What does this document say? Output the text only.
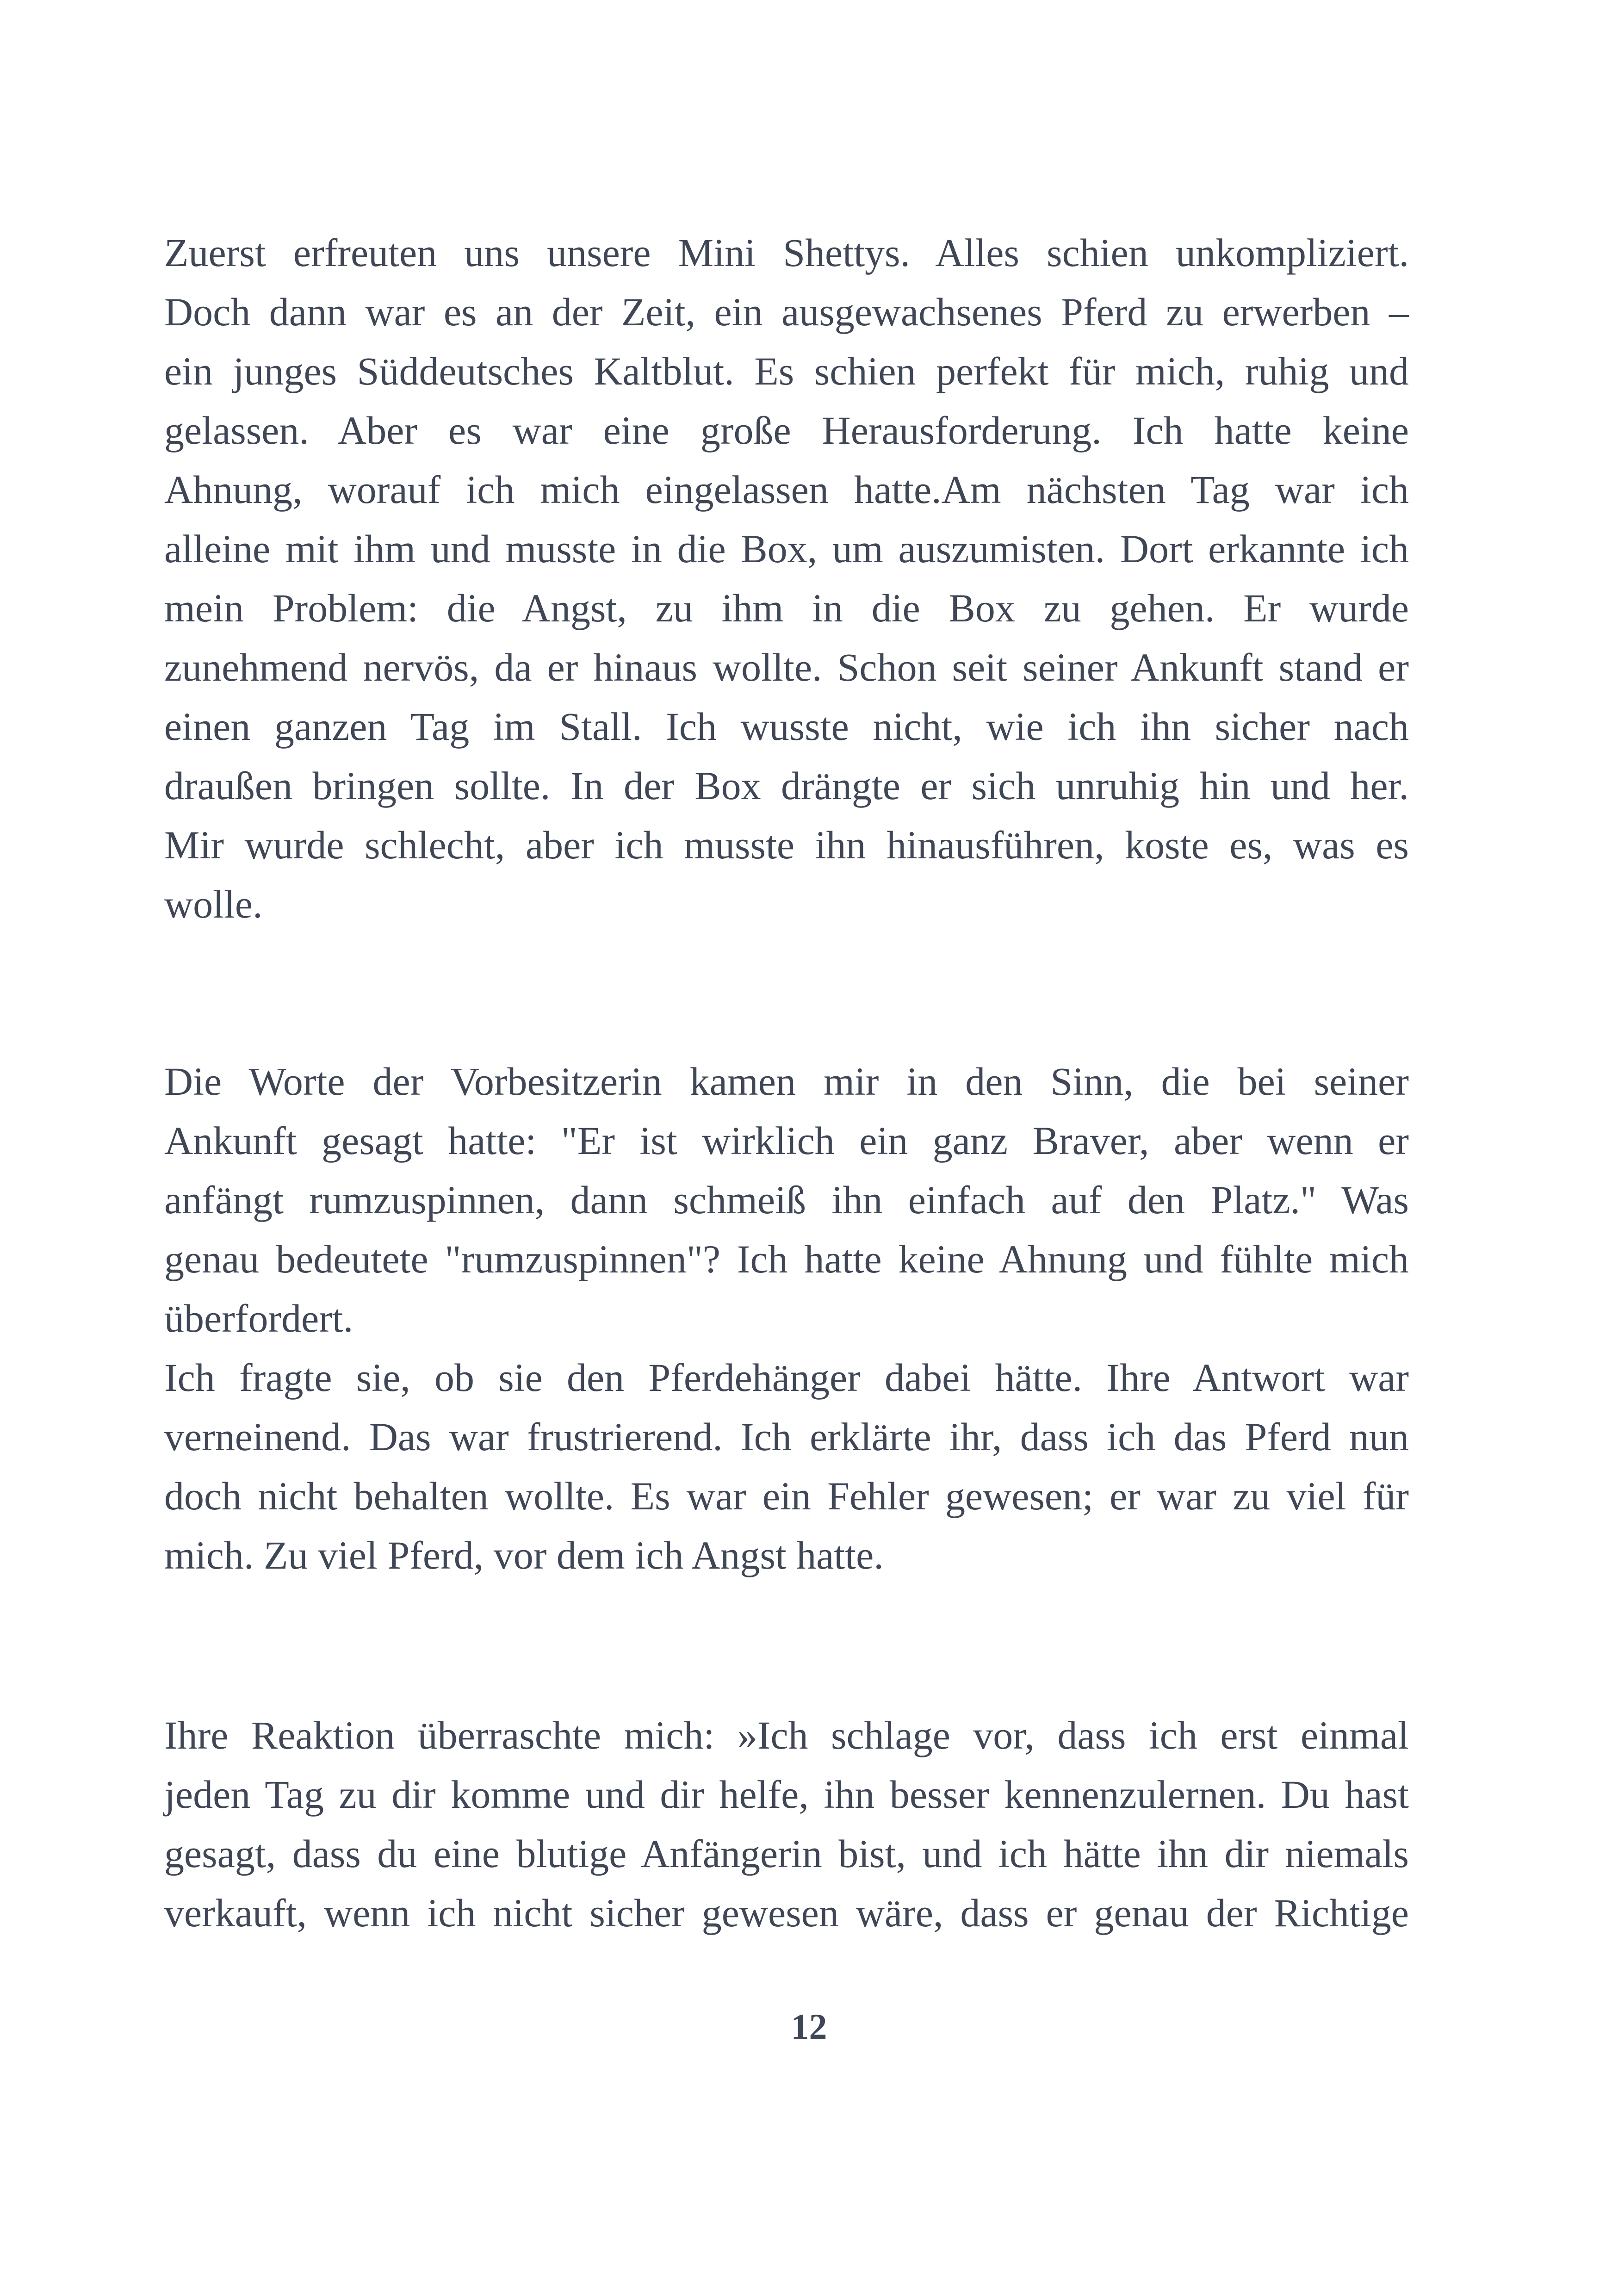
Zuerst erfreuten uns unsere Mini Shettys. Alles schien unkompliziert.
Doch dann war es an der Zeit, ein ausgewachsenes Pferd zu erwerben –
ein junges Süddeutsches Kaltblut. Es schien perfekt für mich, ruhig und
gelassen. Aber es war eine große Herausforderung. Ich hatte keine
Ahnung, worauf ich mich eingelassen hatte.Am nächsten Tag war ich
alleine mit ihm und musste in die Box, um auszumisten. Dort erkannte ich
mein Problem: die Angst, zu ihm in die Box zu gehen. Er wurde
zunehmend nervös, da er hinaus wollte. Schon seit seiner Ankunft stand er
einen ganzen Tag im Stall. Ich wusste nicht, wie ich ihn sicher nach
draußen bringen sollte. In der Box drängte er sich unruhig hin und her.
Mir wurde schlecht, aber ich musste ihn hinausführen, koste es, was es
wolle.
Die Worte der Vorbesitzerin kamen mir in den Sinn, die bei seiner
Ankunft gesagt hatte: "Er ist wirklich ein ganz Braver, aber wenn er
anfängt rumzuspinnen, dann schmeiß ihn einfach auf den Platz." Was
genau bedeutete "rumzuspinnen"? Ich hatte keine Ahnung und fühlte mich
überfordert.
Ich fragte sie, ob sie den Pferdehänger dabei hätte. Ihre Antwort war
verneinend. Das war frustrierend. Ich erklärte ihr, dass ich das Pferd nun
doch nicht behalten wollte. Es war ein Fehler gewesen; er war zu viel für
mich. Zu viel Pferd, vor dem ich Angst hatte.
Ihre Reaktion überraschte mich: »Ich schlage vor, dass ich erst einmal
jeden Tag zu dir komme und dir helfe, ihn besser kennenzulernen. Du hast
gesagt, dass du eine blutige Anfängerin bist, und ich hätte ihn dir niemals
verkauft, wenn ich nicht sicher gewesen wäre, dass er genau der Richtige
12
